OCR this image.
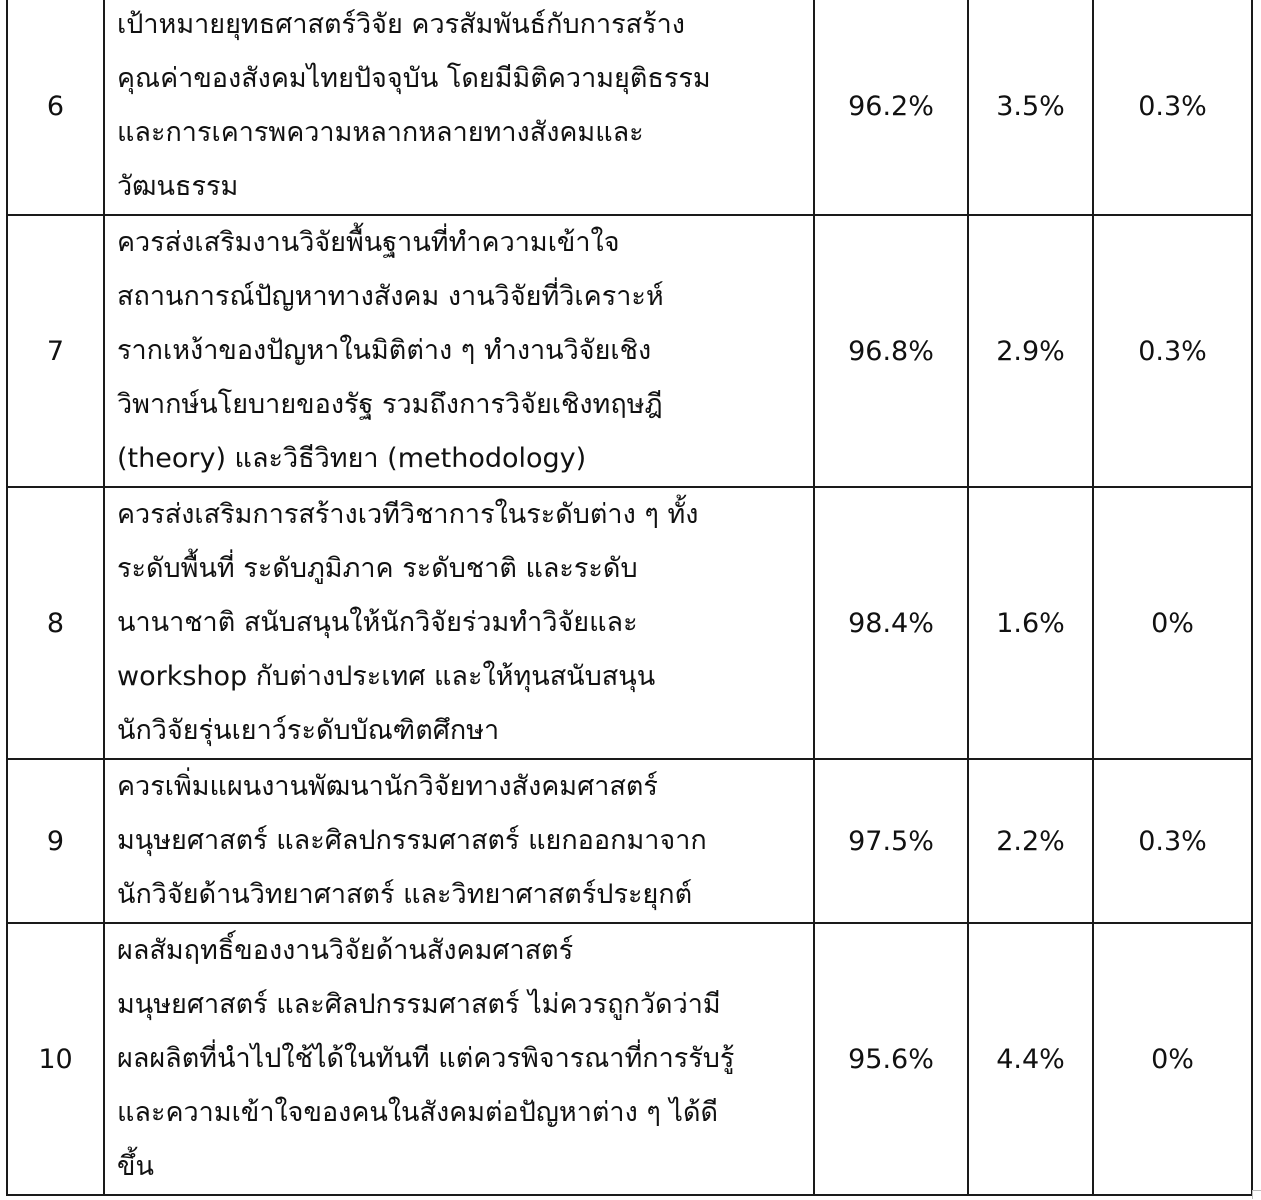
6	เป้าหมายยุทธศาสตร์วิจัย ควรสัมพันธ์กับการสร้าง
คุณค่าของสังคมไทยปัจจุบัน โดยมีมิติความยุติธรรม
และการเคารพความหลากหลายทางสังคมและ
วัฒนธรรม	96.2%	3.5%	0.3%
7	ควรส่งเสริมงานวิจัยพื้นฐานที่ทำความเข้าใจ
สถานการณ์ปัญหาทางสังคม งานวิจัยที่วิเคราะห์
รากเหง้าของปัญหาในมิติต่าง ๆ ทำงานวิจัยเชิง
วิพากษ์นโยบายของรัฐ รวมถึงการวิจัยเชิงทฤษฎี
(theory) และวิธีวิทยา (methodology)	96.8%	2.9%	0.3%
8	ควรส่งเสริมการสร้างเวทีวิชาการในระดับต่าง ๆ ทั้ง
ระดับพื้นที่ ระดับภูมิภาค ระดับชาติ และระดับ
นานาชาติ สนับสนุนให้นักวิจัยร่วมทำวิจัยและ
workshop กับต่างประเทศ และให้ทุนสนับสนุน
นักวิจัยรุ่นเยาว์ระดับบัณฑิตศึกษา	98.4%	1.6%	0%
9	ควรเพิ่มแผนงานพัฒนานักวิจัยทางสังคมศาสตร์
มนุษยศาสตร์ และศิลปกรรมศาสตร์ แยกออกมาจาก
นักวิจัยด้านวิทยาศาสตร์ และวิทยาศาสตร์ประยุกต์	97.5%	2.2%	0.3%
10	ผลสัมฤทธิ์ของงานวิจัยด้านสังคมศาสตร์
มนุษยศาสตร์ และศิลปกรรมศาสตร์ ไม่ควรถูกวัดว่ามี
ผลผลิตที่นำไปใช้ได้ในทันที แต่ควรพิจารณาที่การรับรู้
และความเข้าใจของคนในสังคมต่อปัญหาต่าง ๆ ได้ดี
ขึ้น	95.6%	4.4%	0%
